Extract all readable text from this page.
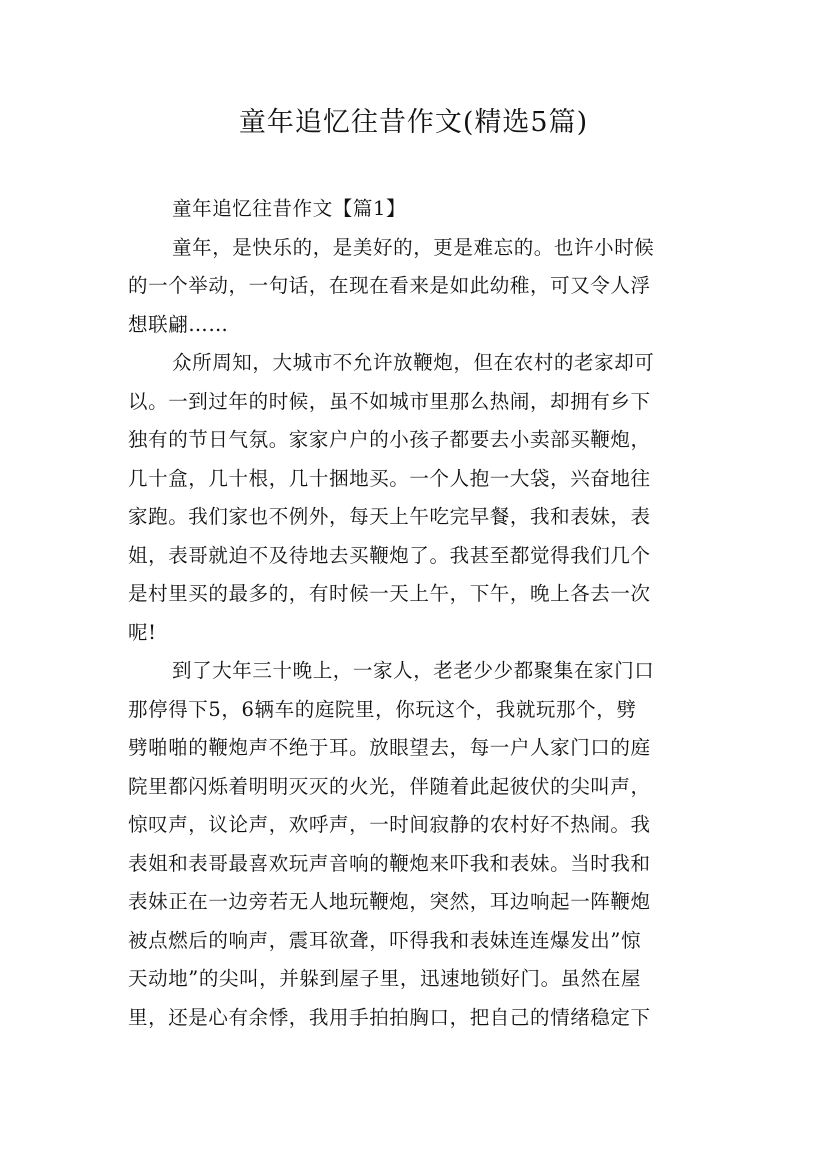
童年追忆往昔作文(精选5篇)
童年追忆往昔作文【篇1】
童年，是快乐的，是美好的，更是难忘的。也许小时候
的一个举动，一句话，在现在看来是如此幼稚，可又令人浮
想联翩……
众所周知，大城市不允许放鞭炮，但在农村的老家却可
以。一到过年的时候，虽不如城市里那么热闹，却拥有乡下
独有的节日气氛。家家户户的小孩子都要去小卖部买鞭炮，
几十盒，几十根，几十捆地买。一个人抱一大袋，兴奋地往
家跑。我们家也不例外，每天上午吃完早餐，我和表妹，表
姐，表哥就迫不及待地去买鞭炮了。我甚至都觉得我们几个
是村里买的最多的，有时候一天上午，下午，晚上各去一次
呢!
到了大年三十晚上，一家人，老老少少都聚集在家门口
那停得下5，6辆车的庭院里，你玩这个，我就玩那个，劈
劈啪啪的鞭炮声不绝于耳。放眼望去，每一户人家门口的庭
院里都闪烁着明明灭灭的火光，伴随着此起彼伏的尖叫声，
惊叹声，议论声，欢呼声，一时间寂静的农村好不热闹。我
表姐和表哥最喜欢玩声音响的鞭炮来吓我和表妹。当时我和
表妹正在一边旁若无人地玩鞭炮，突然，耳边响起一阵鞭炮
被点燃后的响声，震耳欲聋，吓得我和表妹连连爆发出”惊
天动地”的尖叫，并躲到屋子里，迅速地锁好门。虽然在屋
里，还是心有余悸，我用手拍拍胸口，把自己的情绪稳定下
